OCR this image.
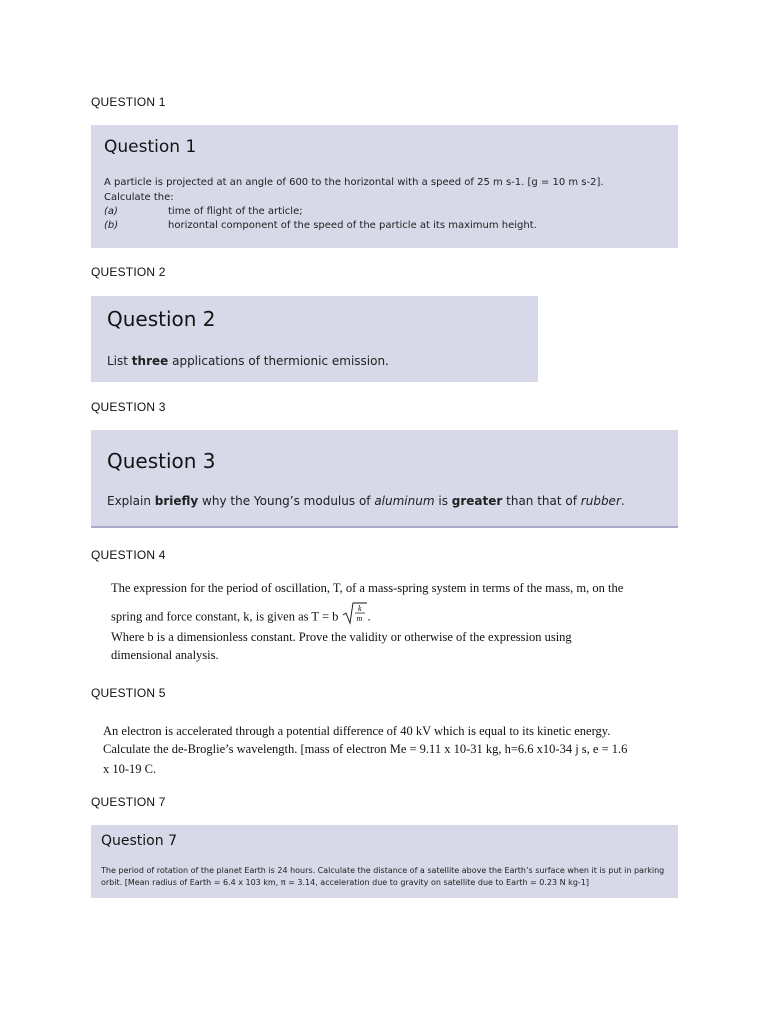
QUESTION 1
Question 1
A particle is projected at an angle of 600 to the horizontal with a speed of 25 m s-1. [g = 10 m s-2].
Calculate the:
(a)	time of flight of the article;
(b)	horizontal component of the speed of the particle at its maximum height.
QUESTION 2
Question 2
List three applications of thermionic emission.
QUESTION 3
Question 3
Explain briefly why the Young’s modulus of aluminum is greater than that of rubber.
QUESTION 4
The expression for the period of oscillation, T, of a mass-spring system in terms of the mass, m, on the
spring and force constant, k, is given as T = b
k
m .
Where b is a dimensionless constant. Prove the validity or otherwise of the expression using
dimensional analysis.
QUESTION 5
An electron is accelerated through a potential difference of 40 kV which is equal to its kinetic energy.
Calculate the de-Broglie’s wavelength. [mass of electron Me = 9.11 x 10-31 kg, h=6.6 x10-34 j s, e = 1.6
x 10-19 C.
QUESTION 7
Question 7
The period of rotation of the planet Earth is 24 hours. Calculate the distance of a satellite above the Earth’s surface when it is put in parking
orbit. [Mean radius of Earth = 6.4 x 103 km, π = 3.14, acceleration due to gravity on satellite due to Earth = 0.23 N kg-1]
